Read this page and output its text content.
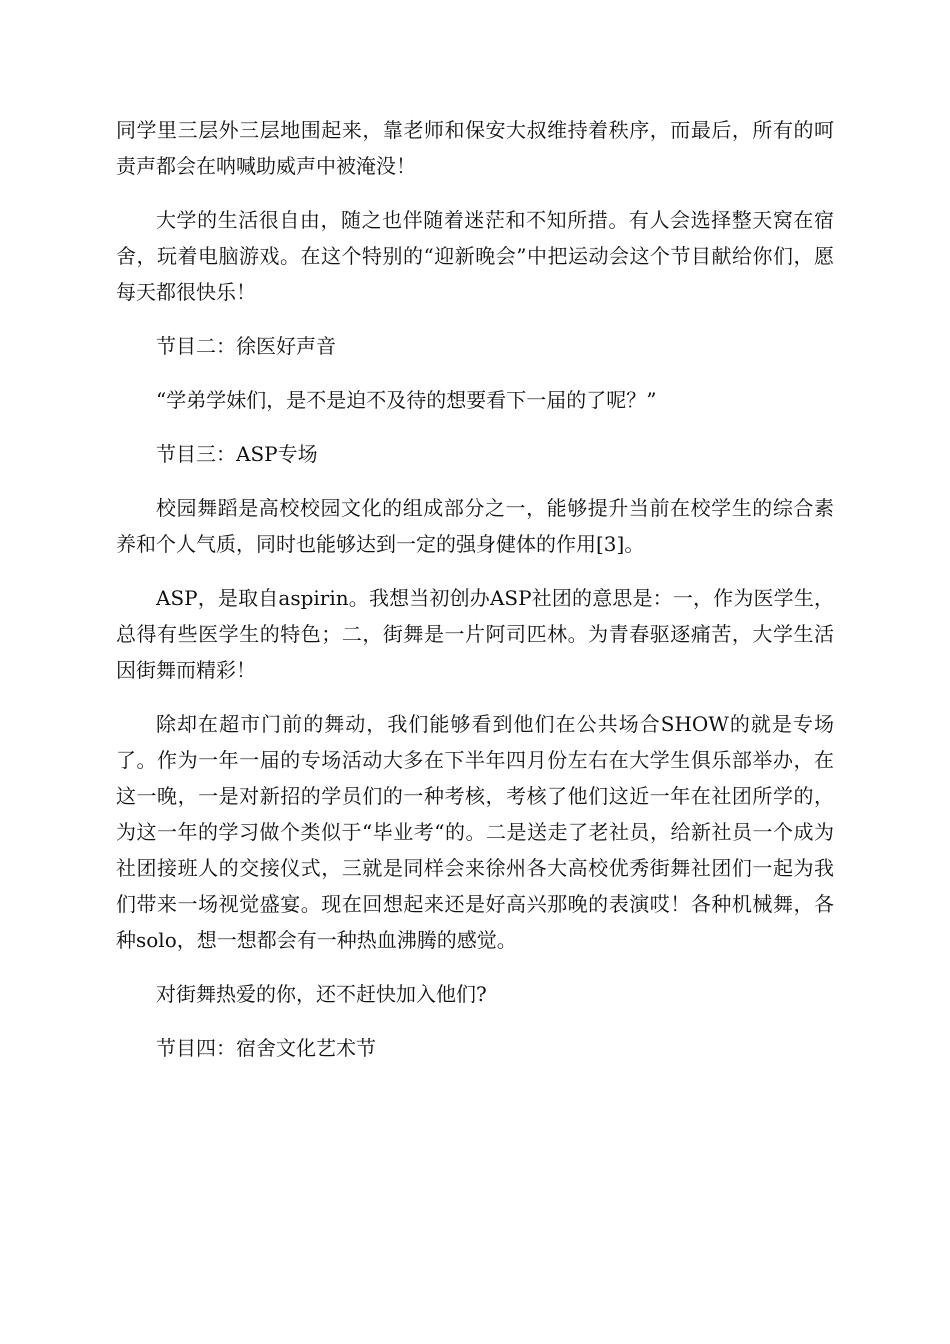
同学里三层外三层地围起来，靠老师和保安大叔维持着秩序，而最后，所有的呵责声都会在呐喊助威声中被淹没！

大学的生活很自由，随之也伴随着迷茫和不知所措。有人会选择整天窝在宿舍，玩着电脑游戏。在这个特别的“迎新晚会”中把运动会这个节目献给你们，愿每天都很快乐！

节目二：徐医好声音

“学弟学妹们，是不是迫不及待的想要看下一届的了呢？”

节目三：ASP专场

校园舞蹈是高校校园文化的组成部分之一，能够提升当前在校学生的综合素养和个人气质，同时也能够达到一定的强身健体的作用[3]。

ASP，是取自aspirin。我想当初创办ASP社团的意思是：一，作为医学生，总得有些医学生的特色；二，街舞是一片阿司匹林。为青春驱逐痛苦，大学生活因街舞而精彩！

除却在超市门前的舞动，我们能够看到他们在公共场合SHOW的就是专场了。作为一年一届的专场活动大多在下半年四月份左右在大学生俱乐部举办，在这一晚，一是对新招的学员们的一种考核，考核了他们这近一年在社团所学的，为这一年的学习做个类似于“毕业考“的。二是送走了老社员，给新社员一个成为社团接班人的交接仪式，三就是同样会来徐州各大高校优秀街舞社团们一起为我们带来一场视觉盛宴。现在回想起来还是好高兴那晚的表演哎！各种机械舞，各种solo，想一想都会有一种热血沸腾的感觉。

对街舞热爱的你，还不赶快加入他们?

节目四：宿舍文化艺术节
